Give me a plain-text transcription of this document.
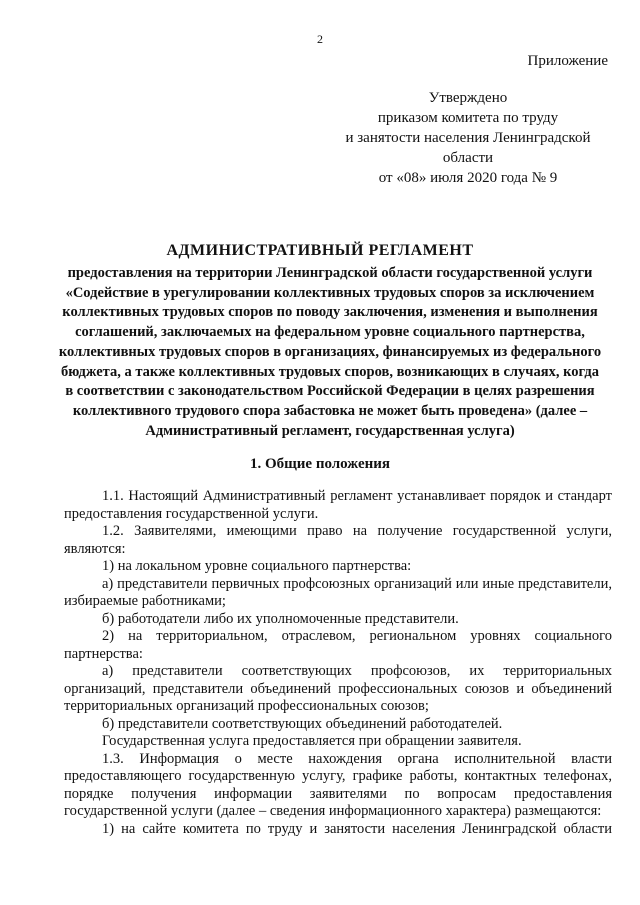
2
Приложение
Утверждено
приказом комитета по труду
и занятости населения Ленинградской
области
от «08» июля 2020 года № 9
АДМИНИСТРАТИВНЫЙ РЕГЛАМЕНТ
предоставления на территории Ленинградской области государственной услуги «Содействие в урегулировании коллективных трудовых споров за исключением коллективных трудовых споров по поводу заключения, изменения и выполнения соглашений, заключаемых на федеральном уровне социального партнерства, коллективных трудовых споров в организациях, финансируемых из федерального бюджета, а также коллективных трудовых споров, возникающих в случаях, когда в соответствии с законодательством Российской Федерации в целях разрешения коллективного трудового спора забастовка не может быть проведена» (далее – Административный регламент, государственная услуга)
1. Общие положения

1.1. Настоящий Административный регламент устанавливает порядок и стандарт предоставления государственной услуги.

1.2. Заявителями, имеющими право на получение государственной услуги, являются:

1) на локальном уровне социального партнерства:

а) представители первичных профсоюзных организаций или иные представители, избираемые работниками;

б) работодатели либо их уполномоченные представители.

2) на территориальном, отраслевом, региональном уровнях социального партнерства:

а) представители соответствующих профсоюзов, их территориальных организаций, представители объединений профессиональных союзов и объединений территориальных организаций профессиональных союзов;

б) представители соответствующих объединений работодателей.

Государственная услуга предоставляется при обращении заявителя.

1.3. Информация о месте нахождения органа исполнительной власти предоставляющего государственную услугу, графике работы, контактных телефонах, порядке получения информации заявителями по вопросам предоставления государственной услуги (далее – сведения информационного характера) размещаются:

1) на сайте комитета по труду и занятости населения Ленинградской области
